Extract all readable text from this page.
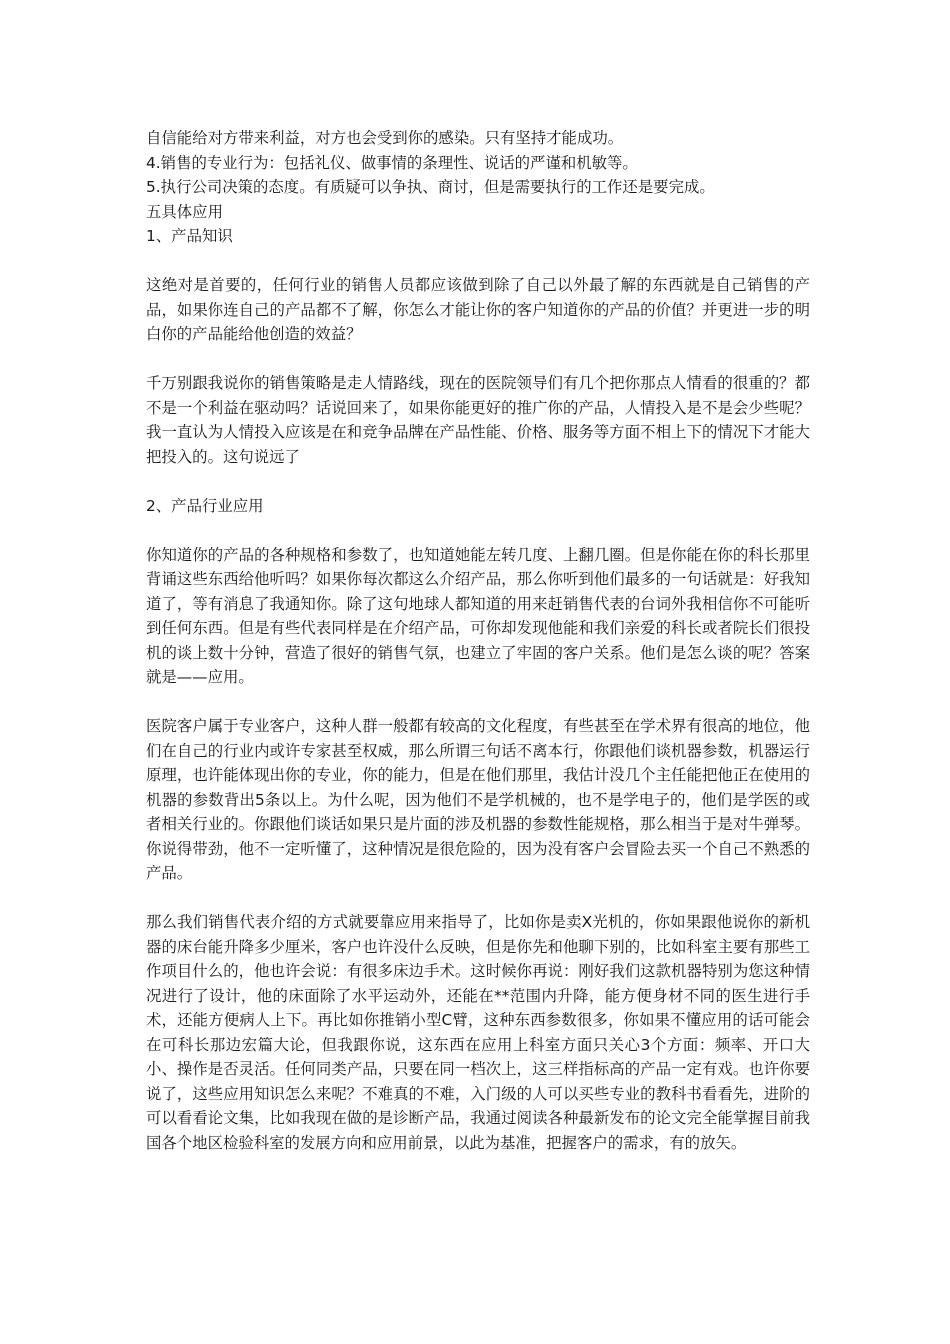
自信能给对方带来利益，对方也会受到你的感染。只有坚持才能成功。
4.销售的专业行为：包括礼仪、做事情的条理性、说话的严谨和机敏等。
5.执行公司决策的态度。有质疑可以争执、商讨，但是需要执行的工作还是要完成。
五具体应用
1、产品知识

这绝对是首要的，任何行业的销售人员都应该做到除了自己以外最了解的东西就是自己销售的产品，如果你连自己的产品都不了解，你怎么才能让你的客户知道你的产品的价值？并更进一步的明白你的产品能给他创造的效益？

千万别跟我说你的销售策略是走人情路线，现在的医院领导们有几个把你那点人情看的很重的？都不是一个利益在驱动吗？话说回来了，如果你能更好的推广你的产品，人情投入是不是会少些呢？我一直认为人情投入应该是在和竞争品牌在产品性能、价格、服务等方面不相上下的情况下才能大把投入的。这句说远了

2、产品行业应用

你知道你的产品的各种规格和参数了，也知道她能左转几度、上翻几圈。但是你能在你的科长那里背诵这些东西给他听吗？如果你每次都这么介绍产品，那么你听到他们最多的一句话就是：好我知道了，等有消息了我通知你。除了这句地球人都知道的用来赶销售代表的台词外我相信你不可能听到任何东西。但是有些代表同样是在介绍产品，可你却发现他能和我们亲爱的科长或者院长们很投机的谈上数十分钟，营造了很好的销售气氛，也建立了牢固的客户关系。他们是怎么谈的呢？答案就是——应用。

医院客户属于专业客户，这种人群一般都有较高的文化程度，有些甚至在学术界有很高的地位，他们在自己的行业内或许专家甚至权威，那么所谓三句话不离本行，你跟他们谈机器参数，机器运行原理，也许能体现出你的专业，你的能力，但是在他们那里，我估计没几个主任能把他正在使用的机器的参数背出5条以上。为什么呢，因为他们不是学机械的，也不是学电子的，他们是学医的或者相关行业的。你跟他们谈话如果只是片面的涉及机器的参数性能规格，那么相当于是对牛弹琴。你说得带劲，他不一定听懂了，这种情况是很危险的，因为没有客户会冒险去买一个自己不熟悉的产品。

那么我们销售代表介绍的方式就要靠应用来指导了，比如你是卖X光机的，你如果跟他说你的新机器的床台能升降多少厘米，客户也许没什么反映，但是你先和他聊下别的，比如科室主要有那些工作项目什么的，他也许会说：有很多床边手术。这时候你再说：刚好我们这款机器特别为您这种情况进行了设计，他的床面除了水平运动外，还能在**范围内升降，能方便身材不同的医生进行手术，还能方便病人上下。再比如你推销小型C臂，这种东西参数很多，你如果不懂应用的话可能会在可科长那边宏篇大论，但我跟你说，这东西在应用上科室方面只关心3个方面：频率、开口大小、操作是否灵活。任何同类产品，只要在同一档次上，这三样指标高的产品一定有戏。也许你要说了，这些应用知识怎么来呢？不难真的不难，入门级的人可以买些专业的教科书看看先，进阶的可以看看论文集，比如我现在做的是诊断产品，我通过阅读各种最新发布的论文完全能掌握目前我国各个地区检验科室的发展方向和应用前景，以此为基准，把握客户的需求，有的放矢。
